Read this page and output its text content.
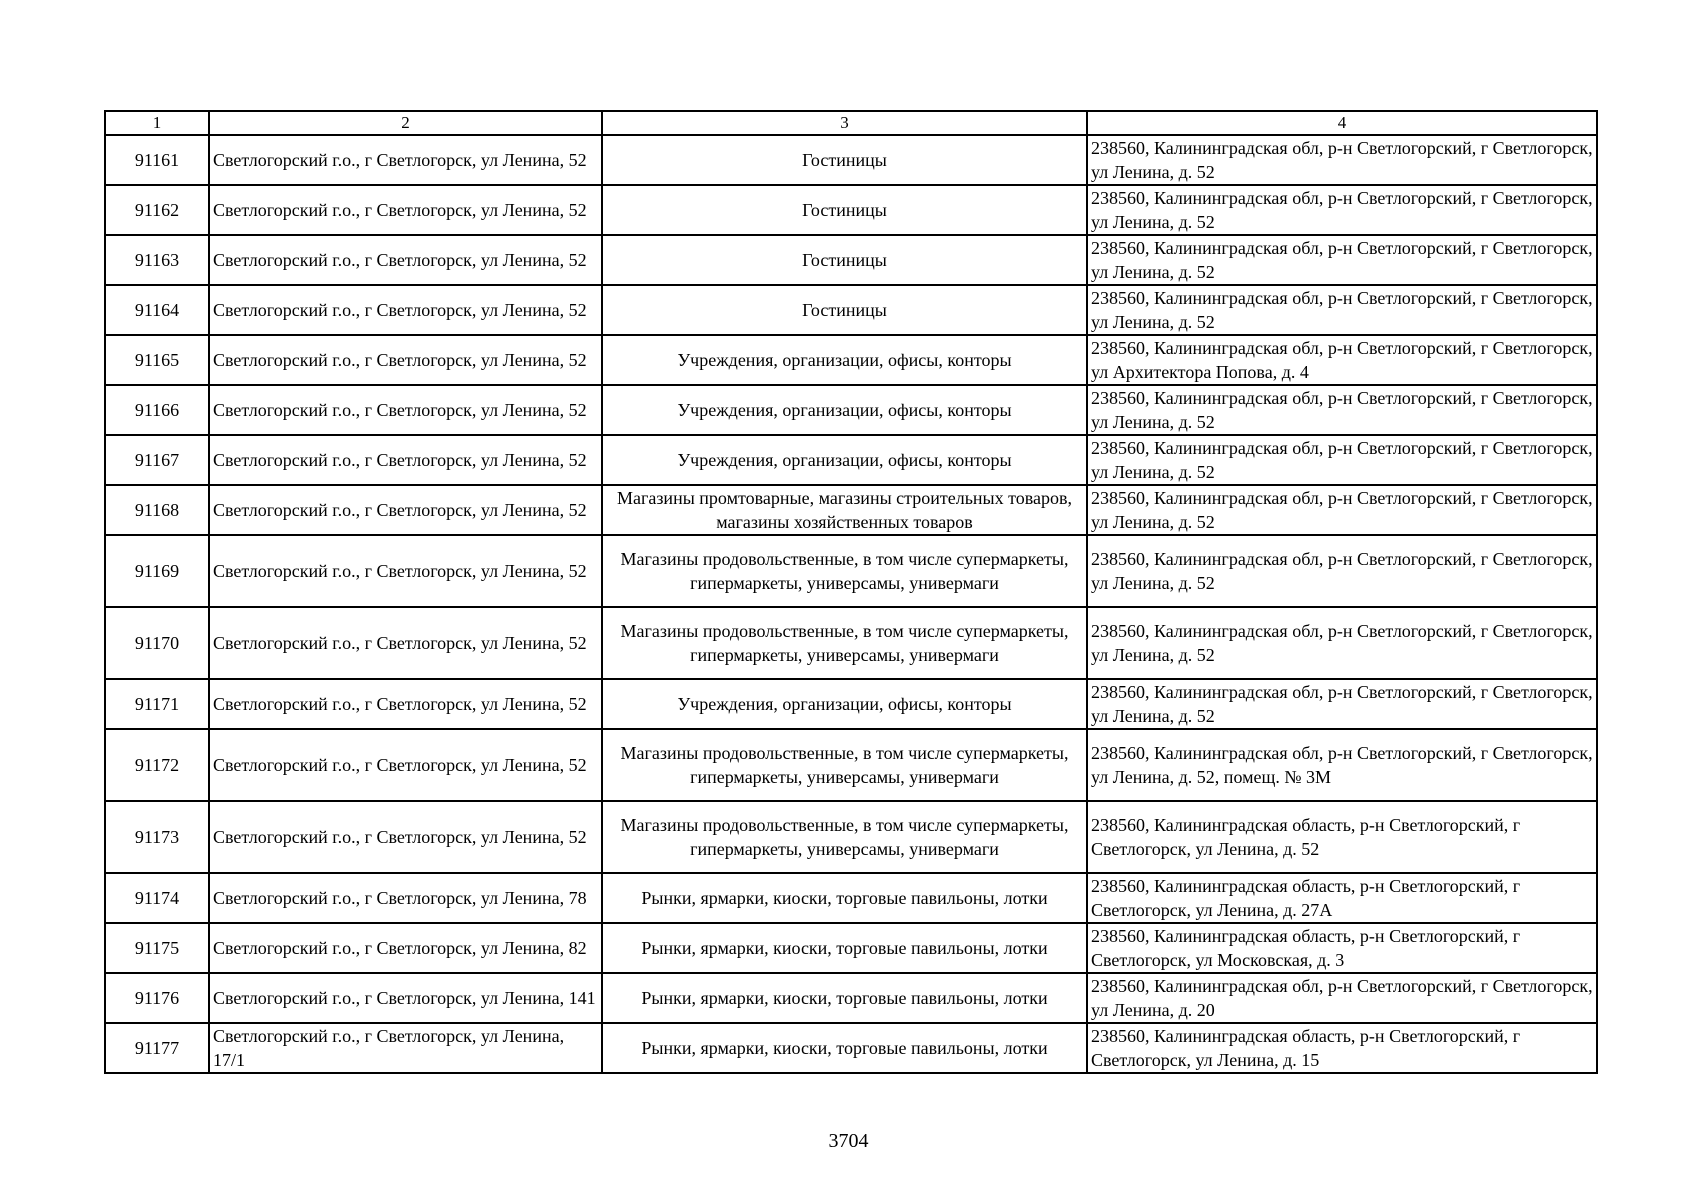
1	2	3	4
91161	Светлогорский г.о., г Светлогорск, ул Ленина, 52	Гостиницы	238560, Калининградская обл, р-н Светлогорский, г Светлогорск, ул Ленина, д. 52
91162	Светлогорский г.о., г Светлогорск, ул Ленина, 52	Гостиницы	238560, Калининградская обл, р-н Светлогорский, г Светлогорск, ул Ленина, д. 52
91163	Светлогорский г.о., г Светлогорск, ул Ленина, 52	Гостиницы	238560, Калининградская обл, р-н Светлогорский, г Светлогорск, ул Ленина, д. 52
91164	Светлогорский г.о., г Светлогорск, ул Ленина, 52	Гостиницы	238560, Калининградская обл, р-н Светлогорский, г Светлогорск, ул Ленина, д. 52
91165	Светлогорский г.о., г Светлогорск, ул Ленина, 52	Учреждения, организации, офисы, конторы	238560, Калининградская обл, р-н Светлогорский, г Светлогорск, ул Архитектора Попова, д. 4
91166	Светлогорский г.о., г Светлогорск, ул Ленина, 52	Учреждения, организации, офисы, конторы	238560, Калининградская обл, р-н Светлогорский, г Светлогорск, ул Ленина, д. 52
91167	Светлогорский г.о., г Светлогорск, ул Ленина, 52	Учреждения, организации, офисы, конторы	238560, Калининградская обл, р-н Светлогорский, г Светлогорск, ул Ленина, д. 52
91168	Светлогорский г.о., г Светлогорск, ул Ленина, 52	Магазины промтоварные, магазины строительных товаров, магазины хозяйственных товаров	238560, Калининградская обл, р-н Светлогорский, г Светлогорск, ул Ленина, д. 52
91169	Светлогорский г.о., г Светлогорск, ул Ленина, 52	Магазины продовольственные, в том числе супермаркеты, гипермаркеты, универсамы, универмаги	238560, Калининградская обл, р-н Светлогорский, г Светлогорск, ул Ленина, д. 52
91170	Светлогорский г.о., г Светлогорск, ул Ленина, 52	Магазины продовольственные, в том числе супермаркеты, гипермаркеты, универсамы, универмаги	238560, Калининградская обл, р-н Светлогорский, г Светлогорск, ул Ленина, д. 52
91171	Светлогорский г.о., г Светлогорск, ул Ленина, 52	Учреждения, организации, офисы, конторы	238560, Калининградская обл, р-н Светлогорский, г Светлогорск, ул Ленина, д. 52
91172	Светлогорский г.о., г Светлогорск, ул Ленина, 52	Магазины продовольственные, в том числе супермаркеты, гипермаркеты, универсамы, универмаги	238560, Калининградская обл, р-н Светлогорский, г Светлогорск, ул Ленина, д. 52, помещ. № 3М
91173	Светлогорский г.о., г Светлогорск, ул Ленина, 52	Магазины продовольственные, в том числе супермаркеты, гипермаркеты, универсамы, универмаги	238560, Калининградская область, р-н Светлогорский, г Светлогорск, ул Ленина, д. 52
91174	Светлогорский г.о., г Светлогорск, ул Ленина, 78	Рынки, ярмарки, киоски, торговые павильоны, лотки	238560, Калининградская область, р-н Светлогорский, г Светлогорск, ул Ленина, д. 27А
91175	Светлогорский г.о., г Светлогорск, ул Ленина, 82	Рынки, ярмарки, киоски, торговые павильоны, лотки	238560, Калининградская область, р-н Светлогорский, г Светлогорск, ул Московская, д. 3
91176	Светлогорский г.о., г Светлогорск, ул Ленина, 141	Рынки, ярмарки, киоски, торговые павильоны, лотки	238560, Калининградская обл, р-н Светлогорский, г Светлогорск, ул Ленина, д. 20
91177	Светлогорский г.о., г Светлогорск, ул Ленина, 17/1	Рынки, ярмарки, киоски, торговые павильоны, лотки	238560, Калининградская область, р-н Светлогорский, г Светлогорск, ул Ленина, д. 15
3704
